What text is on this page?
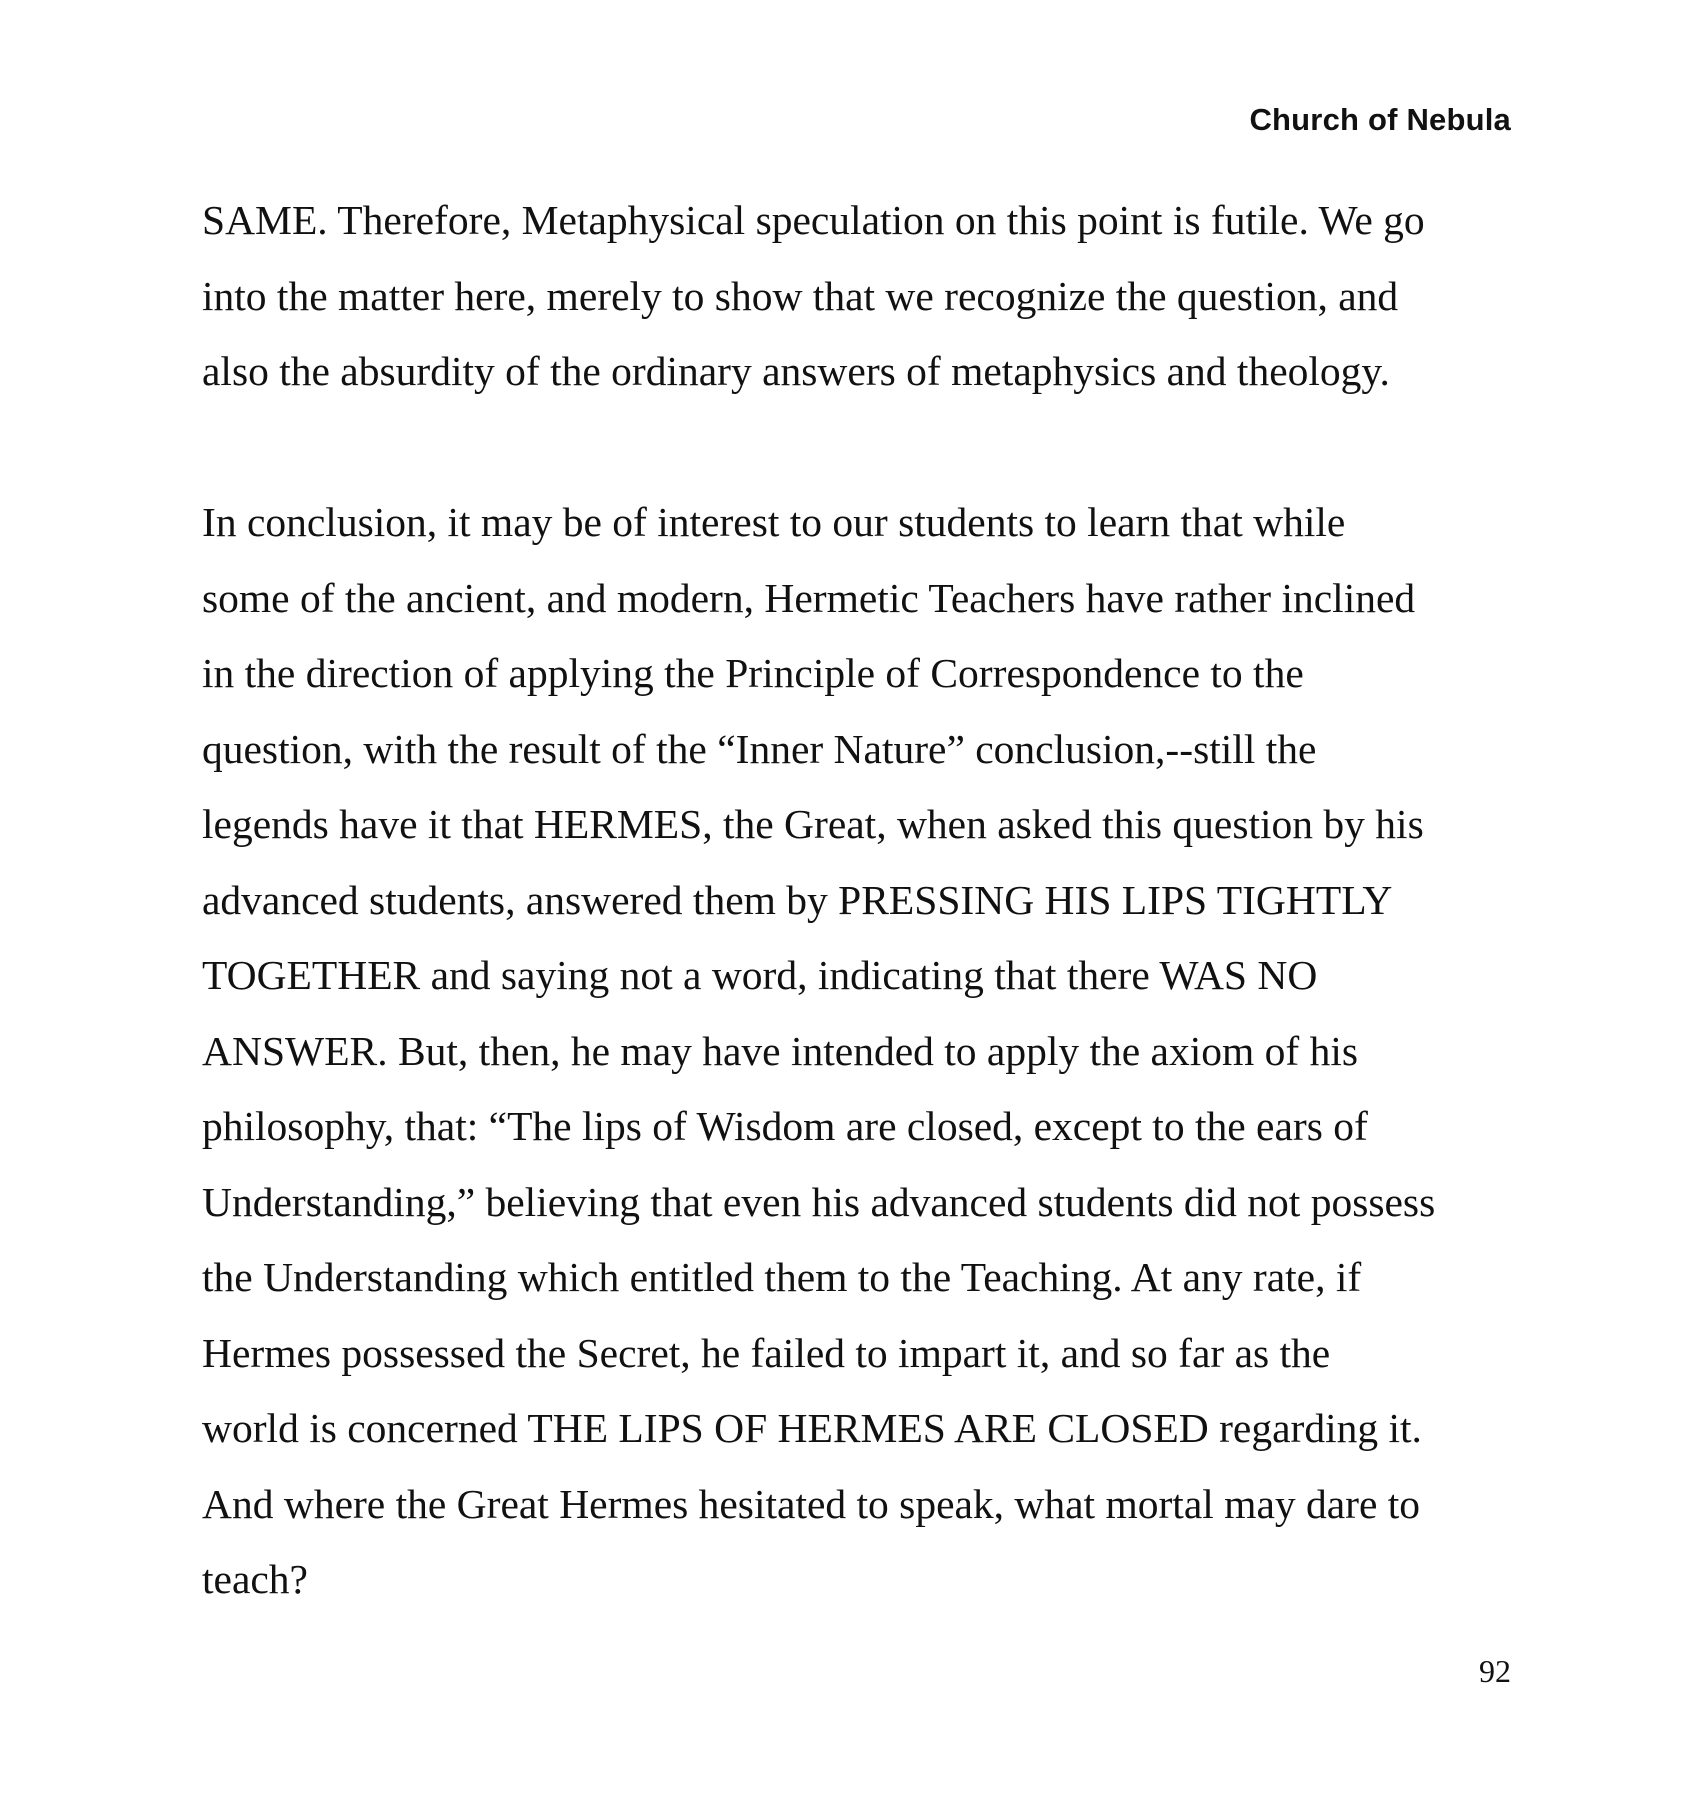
Church of Nebula
SAME. Therefore, Metaphysical speculation on this point is futile. We go
into the matter here, merely to show that we recognize the question, and
also the absurdity of the ordinary answers of metaphysics and theology.
In conclusion, it may be of interest to our students to learn that while
some of the ancient, and modern, Hermetic Teachers have rather inclined
in the direction of applying the Principle of Correspondence to the
question, with the result of the “Inner Nature” conclusion,--still the
legends have it that HERMES, the Great, when asked this question by his
advanced students, answered them by PRESSING HIS LIPS TIGHTLY
TOGETHER and saying not a word, indicating that there WAS NO
ANSWER. But, then, he may have intended to apply the axiom of his
philosophy, that: “The lips of Wisdom are closed, except to the ears of
Understanding,” believing that even his advanced students did not possess
the Understanding which entitled them to the Teaching. At any rate, if
Hermes possessed the Secret, he failed to impart it, and so far as the
world is concerned THE LIPS OF HERMES ARE CLOSED regarding it.
And where the Great Hermes hesitated to speak, what mortal may dare to
teach?
92
